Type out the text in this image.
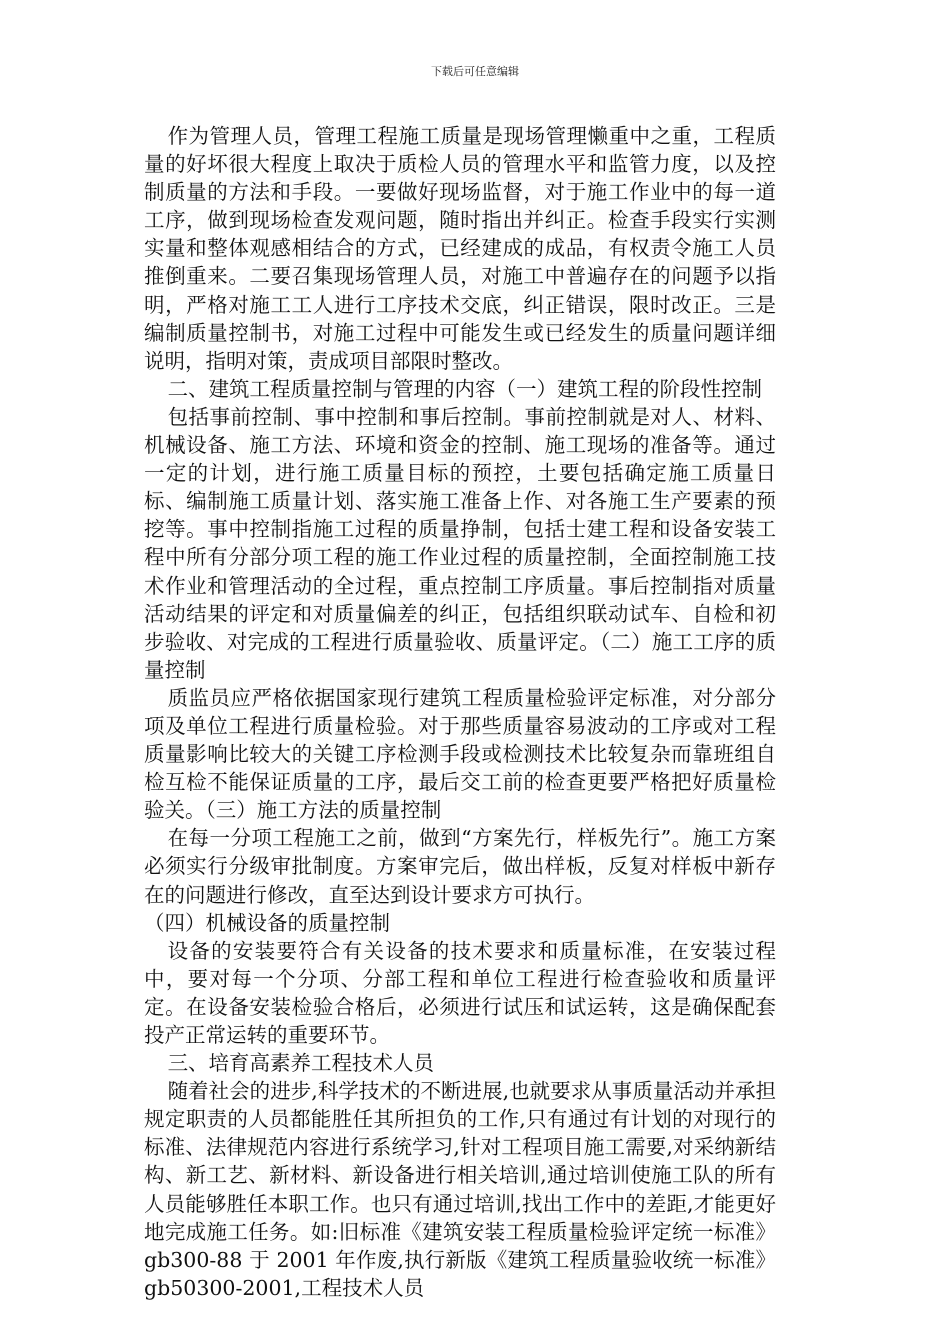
下载后可任意编辑

作为管理人员，管理工程施工质量是现场管理懒重中之重，工程质量的好坏很大程度上取决于质检人员的管理水平和监管力度，以及控制质量的方法和手段。一要做好现场监督，对于施工作业中的每一道工序，做到现场检查发观问题，随时指出并纠正。检查手段实行实测实量和整体观感相结合的方式，已经建成的成品，有权责令施工人员推倒重来。二要召集现场管理人员，对施工中普遍存在的问题予以指明，严格对施工工人进行工序技术交底，纠正错误，限时改正。三是编制质量控制书，对施工过程中可能发生或已经发生的质量问题详细说明，指明对策，责成项目部限时整改。

二、建筑工程质量控制与管理的内容（一）建筑工程的阶段性控制

包括事前控制、事中控制和事后控制。事前控制就是对人、材料、机械设备、施工方法、环境和资金的控制、施工现场的准备等。通过一定的计划，进行施工质量目标的预控，土要包括确定施工质量日标、编制施工质量计划、落实施工准备上作、对各施工生产要素的预挖等。事中控制指施工过程的质量挣制，包括士建工程和设备安装工程中所有分部分项工程的施工作业过程的质量控制，全面控制施工技术作业和管理活动的全过程，重点控制工序质量。事后控制指对质量活动结果的评定和对质量偏差的纠正，包括组织联动试车、自检和初步验收、对完成的工程进行质量验收、质量评定。（二）施工工序的质量控制

质监员应严格依据国家现行建筑工程质量检验评定标准，对分部分项及单位工程进行质量检验。对于那些质量容易波动的工序或对工程质量影响比较大的关键工序检测手段或检测技术比较复杂而靠班组自检互检不能保证质量的工序，最后交工前的检查更要严格把好质量检验关。（三）施工方法的质量控制

在每一分项工程施工之前，做到“方案先行，样板先行”。施工方案必须实行分级审批制度。方案审完后，做出样板，反复对样板中新存在的问题进行修改，直至达到设计要求方可执行。

（四）机械设备的质量控制

设备的安装要符合有关设备的技术要求和质量标准，在安装过程中，要对每一个分项、分部工程和单位工程进行检查验收和质量评定。在设备安装检验合格后，必须进行试压和试运转，这是确保配套投产正常运转的重要环节。

三、培育高素养工程技术人员

随着社会的进步,科学技术的不断进展,也就要求从事质量活动并承担规定职责的人员都能胜任其所担负的工作,只有通过有计划的对现行的标准、法律规范内容进行系统学习,针对工程项目施工需要,对采纳新结构、新工艺、新材料、新设备进行相关培训,通过培训使施工队的所有人员能够胜任本职工作。也只有通过培训,找出工作中的差距,才能更好地完成施工任务。如:旧标准《建筑安装工程质量检验评定统一标准》gb300-88 于 2001 年作废,执行新版《建筑工程质量验收统一标准》gb50300-2001,工程技术人员
